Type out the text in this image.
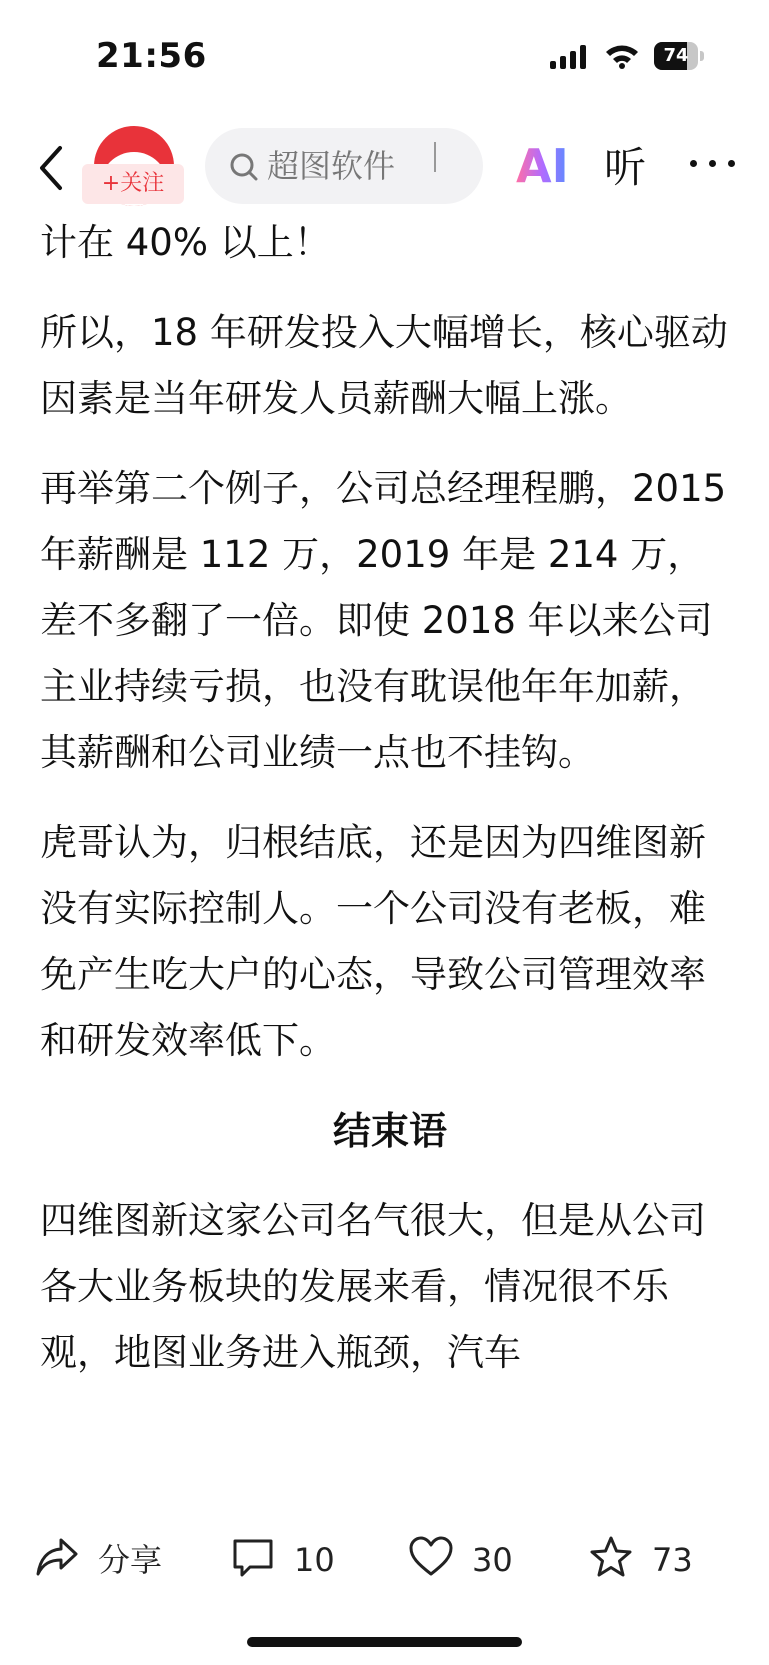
21:56	74
+关注	超图软件	AI 听

计在 40% 以上！

所以，18 年研发投入大幅增长，核心驱动因素是当年研发人员薪酬大幅上涨。

再举第二个例子，公司总经理程鹏，2015 年薪酬是 112 万，2019 年是 214 万，差不多翻了一倍。即使 2018 年以来公司主业持续亏损，也没有耽误他年年加薪，其薪酬和公司业绩一点也不挂钩。

虎哥认为，归根结底，还是因为四维图新没有实际控制人。一个公司没有老板，难免产生吃大户的心态，导致公司管理效率和研发效率低下。

结束语

四维图新这家公司名气很大，但是从公司各大业务板块的发展来看，情况很不乐观，地图业务进入瓶颈，汽车

分享	10	30	73
